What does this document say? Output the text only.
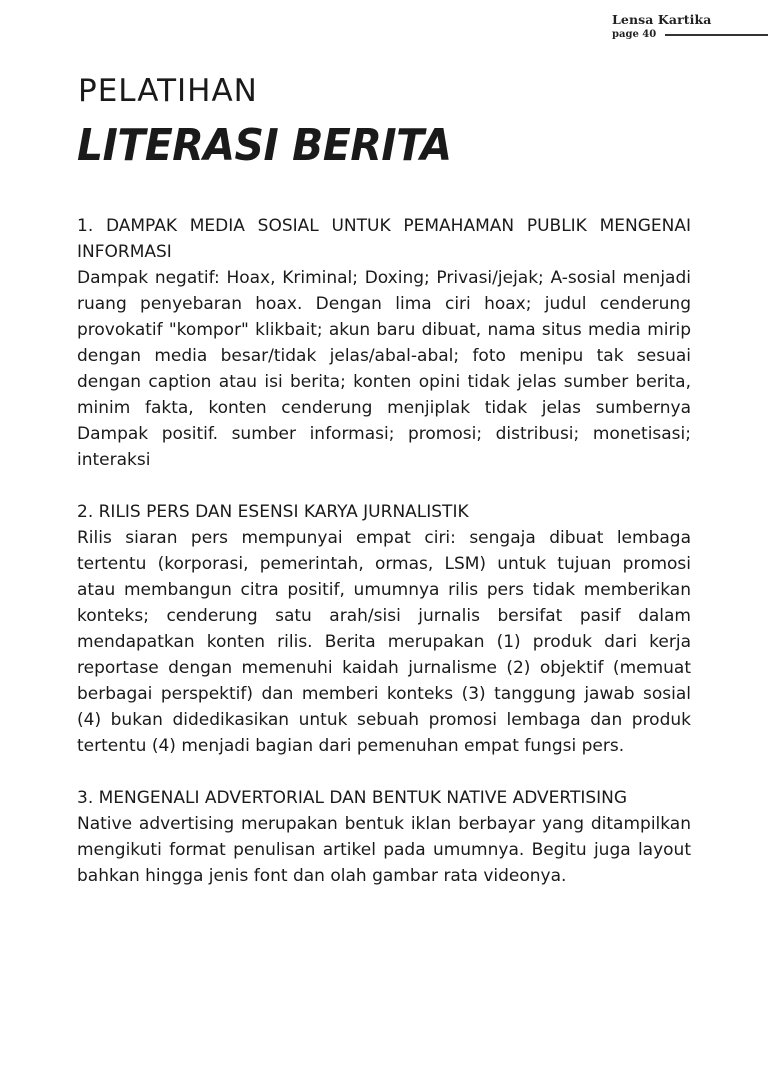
Lensa Kartika
page 40
PELATIHAN
LITERASI BERITA

1. DAMPAK MEDIA SOSIAL UNTUK PEMAHAMAN PUBLIK MENGENAI INFORMASI

Dampak negatif: Hoax, Kriminal; Doxing; Privasi/jejak; A-sosial menjadi ruang penyebaran hoax. Dengan lima ciri hoax; judul cenderung provokatif "kompor" klikbait; akun baru dibuat, nama situs media mirip dengan media besar/tidak jelas/abal-abal; foto menipu tak sesuai dengan caption atau isi berita; konten opini tidak jelas sumber berita, minim fakta, konten cenderung menjiplak tidak jelas sumbernya Dampak positif. sumber informasi; promosi; distribusi; monetisasi; interaksi

2. RILIS PERS DAN ESENSI KARYA JURNALISTIK

Rilis siaran pers mempunyai empat ciri: sengaja dibuat lembaga tertentu (korporasi, pemerintah, ormas, LSM) untuk tujuan promosi atau membangun citra positif, umumnya rilis pers tidak memberikan konteks; cenderung satu arah/sisi jurnalis bersifat pasif dalam mendapatkan konten rilis. Berita merupakan (1) produk dari kerja reportase dengan memenuhi kaidah jurnalisme (2) objektif (memuat berbagai perspektif) dan memberi konteks (3) tanggung jawab sosial (4) bukan didedikasikan untuk sebuah promosi lembaga dan produk tertentu (4) menjadi bagian dari pemenuhan empat fungsi pers.

3. MENGENALI ADVERTORIAL DAN BENTUK NATIVE ADVERTISING

Native advertising merupakan bentuk iklan berbayar yang ditampilkan mengikuti format penulisan artikel pada umumnya. Begitu juga layout bahkan hingga jenis font dan olah gambar rata videonya.
